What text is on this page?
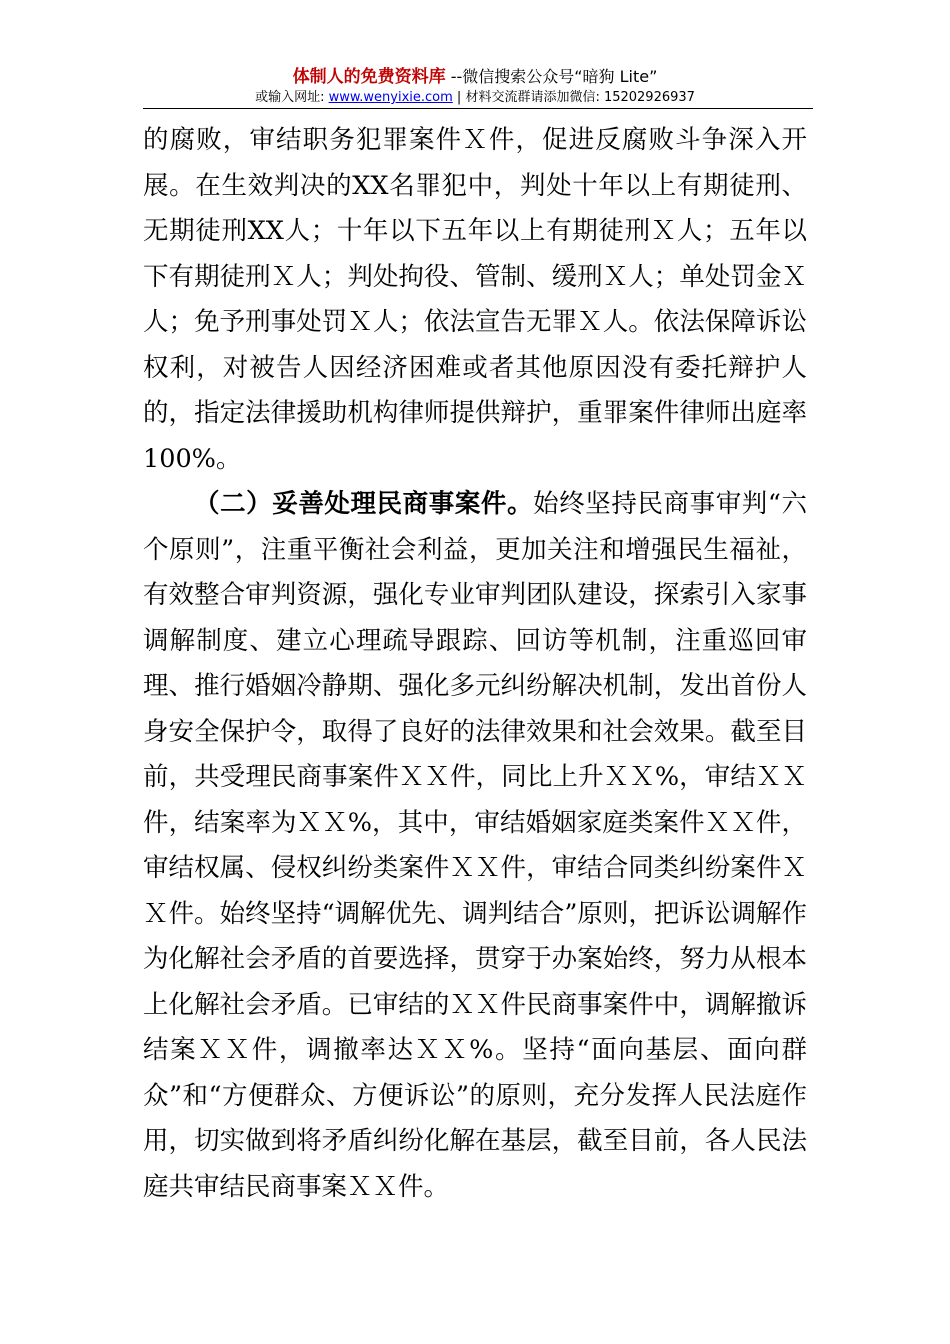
体制人的免费资料库 --微信搜索公众号“暗狗 Lite”
或输入网址: www.wenyixie.com | 材料交流群请添加微信: 15202926937

的腐败，审结职务犯罪案件Ｘ件，促进反腐败斗争深入开展。在生效判决的XX名罪犯中，判处十年以上有期徒刑、无期徒刑XX人；十年以下五年以上有期徒刑Ｘ人；五年以下有期徒刑Ｘ人；判处拘役、管制、缓刑Ｘ人；单处罚金Ｘ人；免予刑事处罚Ｘ人；依法宣告无罪Ｘ人。依法保障诉讼权利，对被告人因经济困难或者其他原因没有委托辩护人的，指定法律援助机构律师提供辩护，重罪案件律师出庭率100%。

（二）妥善处理民商事案件。始终坚持民商事审判“六个原则”，注重平衡社会利益，更加关注和增强民生福祉，有效整合审判资源，强化专业审判团队建设，探索引入家事调解制度、建立心理疏导跟踪、回访等机制，注重巡回审理、推行婚姻冷静期、强化多元纠纷解决机制，发出首份人身安全保护令，取得了良好的法律效果和社会效果。截至目前，共受理民商事案件ＸＸ件，同比上升ＸＸ%，审结ＸＸ件，结案率为ＸＸ%，其中，审结婚姻家庭类案件ＸＸ件，审结权属、侵权纠纷类案件ＸＸ件，审结合同类纠纷案件ＸＸ件。始终坚持“调解优先、调判结合”原则，把诉讼调解作为化解社会矛盾的首要选择，贯穿于办案始终，努力从根本上化解社会矛盾。已审结的ＸＸ件民商事案件中，调解撤诉结案ＸＸ件，调撤率达ＸＸ%。坚持“面向基层、面向群众”和“方便群众、方便诉讼”的原则，充分发挥人民法庭作用，切实做到将矛盾纠纷化解在基层，截至目前，各人民法庭共审结民商事案ＸＸ件。
